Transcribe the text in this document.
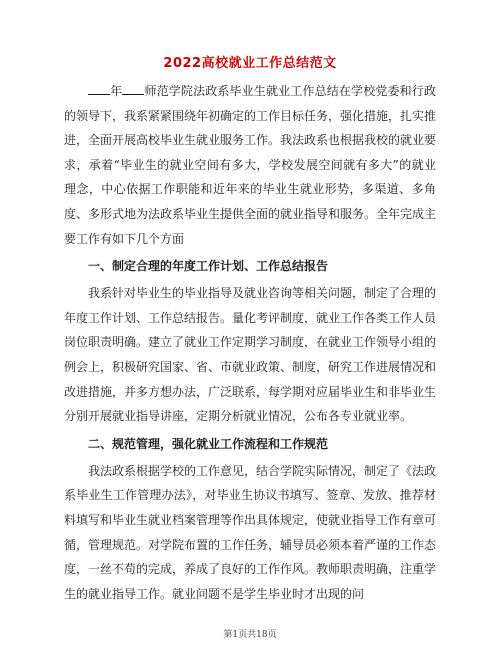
2022高校就业工作总结范文

年 师范学院法政系毕业生就业工作总结在学校党委和行政的领导下，我系紧紧围绕年初确定的工作目标任务，强化措施，扎实推进，全面开展高校毕业生就业服务工作。我法政系也根据我校的就业要求，承着“毕业生的就业空间有多大，学校发展空间就有多大”的就业理念，中心依据工作职能和近年来的毕业生就业形势，多渠道、多角度、多形式地为法政系毕业生提供全面的就业指导和服务。全年完成主要工作有如下几个方面

一、制定合理的年度工作计划、工作总结报告

我系针对毕业生的毕业指导及就业咨询等相关问题，制定了合理的年度工作计划、工作总结报告。量化考评制度，就业工作各类工作人员岗位职责明确。建立了就业工作定期学习制度，在就业工作领导小组的例会上，积极研究国家、省、市就业政策、制度，研究工作进展情况和改进措施，并多方想办法，广泛联系，每学期对应届毕业生和非毕业生分别开展就业指导讲座，定期分析就业情况，公布各专业就业率。

二、规范管理，强化就业工作流程和工作规范

我法政系根据学校的工作意见，结合学院实际情况，制定了《法政系毕业生工作管理办法》，对毕业生协议书填写、签章、发放、推荐材料填写和毕业生就业档案管理等作出具体规定，使就业指导工作有章可循，管理规范。对学院布置的工作任务，辅导员必须本着严谨的工作态度，一丝不苟的完成，养成了良好的工作作风。教师职责明确，注重学生的就业指导工作。就业问题不是学生毕业时才出现的问

第1页共18页
